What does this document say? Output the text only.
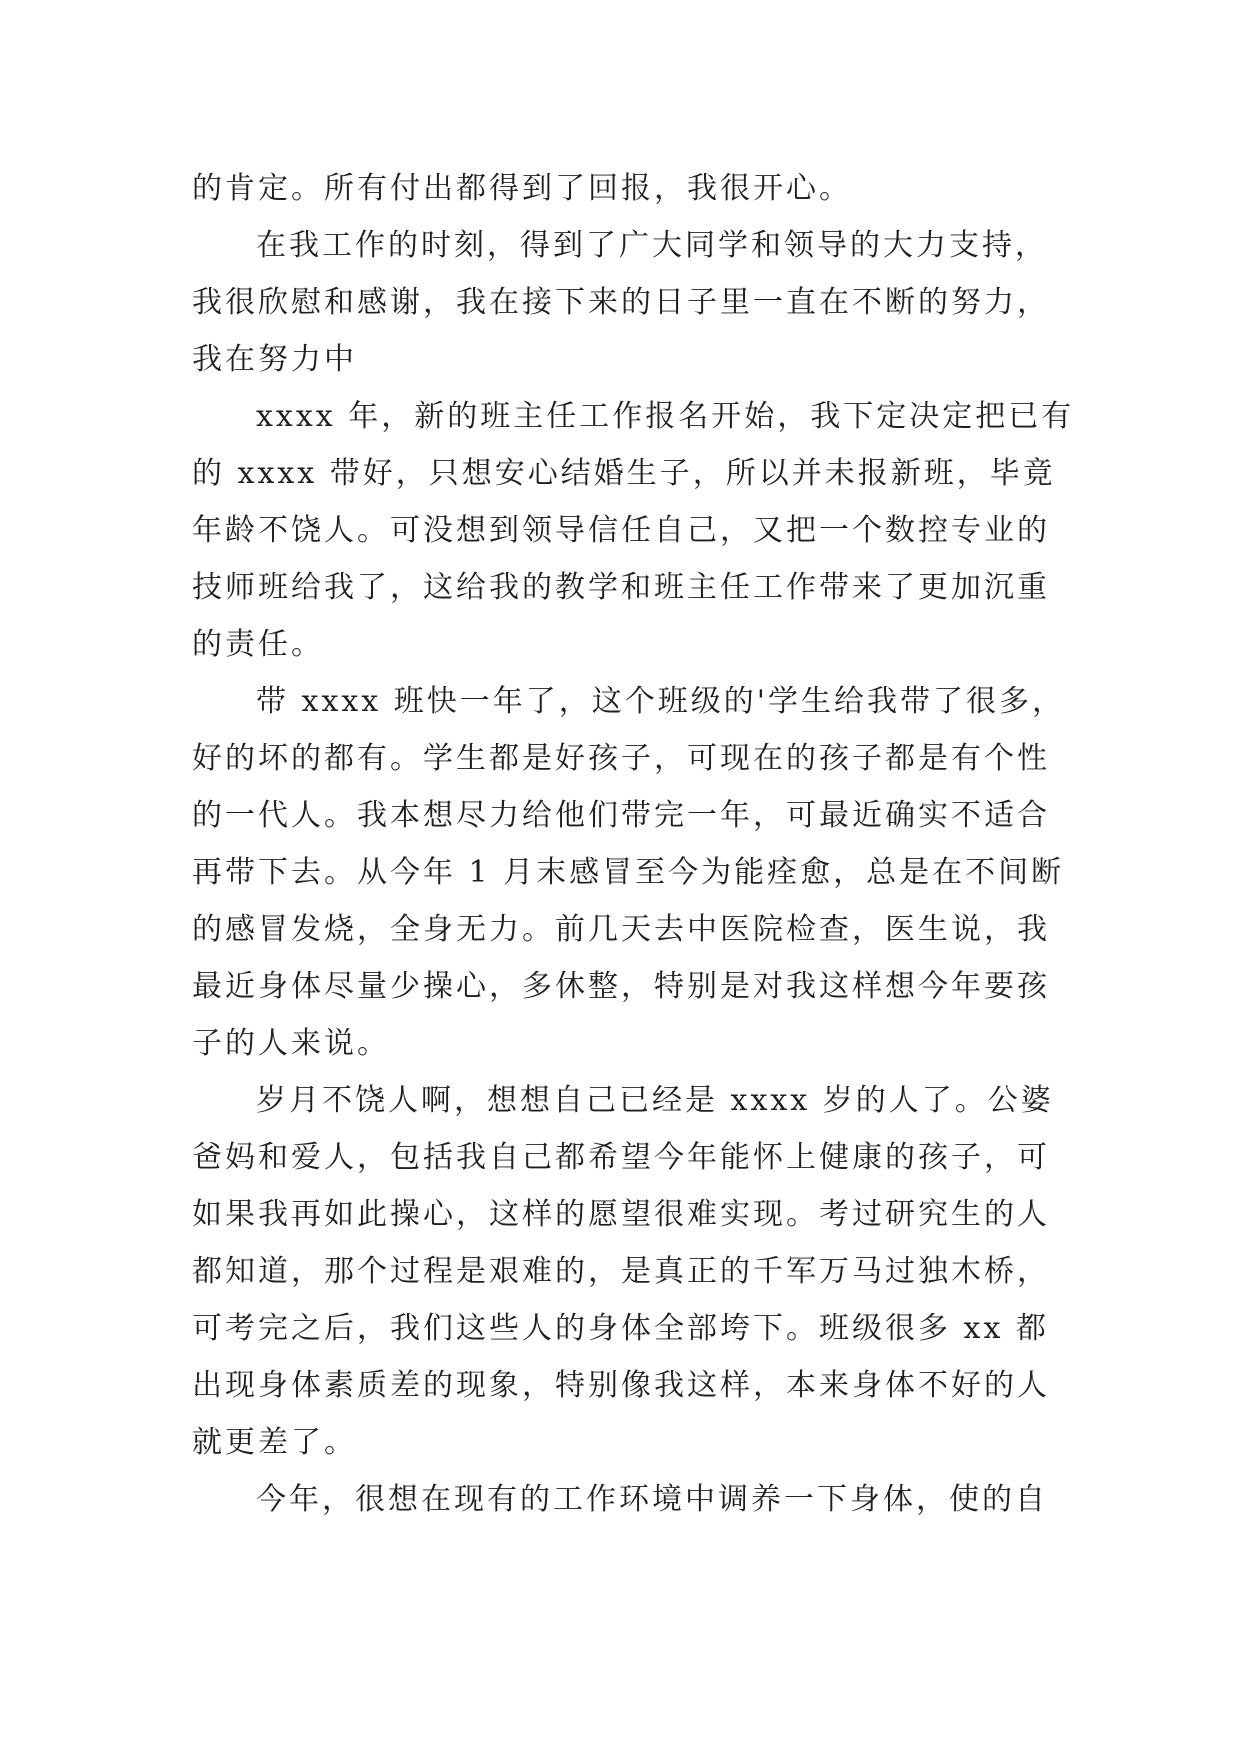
的肯定。所有付出都得到了回报，我很开心。

在我工作的时刻，得到了广大同学和领导的大力支持，
我很欣慰和感谢，我在接下来的日子里一直在不断的努力，
我在努力中

xxxx 年，新的班主任工作报名开始，我下定决定把已有
的 xxxx 带好，只想安心结婚生子，所以并未报新班，毕竟
年龄不饶人。可没想到领导信任自己，又把一个数控专业的
技师班给我了，这给我的教学和班主任工作带来了更加沉重
的责任。

带 xxxx 班快一年了，这个班级的'学生给我带了很多，
好的坏的都有。学生都是好孩子，可现在的孩子都是有个性
的一代人。我本想尽力给他们带完一年，可最近确实不适合
再带下去。从今年 1 月末感冒至今为能痊愈，总是在不间断
的感冒发烧，全身无力。前几天去中医院检查，医生说，我
最近身体尽量少操心，多休整，特别是对我这样想今年要孩
子的人来说。

岁月不饶人啊，想想自己已经是 xxxx 岁的人了。公婆
爸妈和爱人，包括我自己都希望今年能怀上健康的孩子，可
如果我再如此操心，这样的愿望很难实现。考过研究生的人
都知道，那个过程是艰难的，是真正的千军万马过独木桥，
可考完之后，我们这些人的身体全部垮下。班级很多 xx 都
出现身体素质差的现象，特别像我这样，本来身体不好的人
就更差了。

今年，很想在现有的工作环境中调养一下身体，使的自
